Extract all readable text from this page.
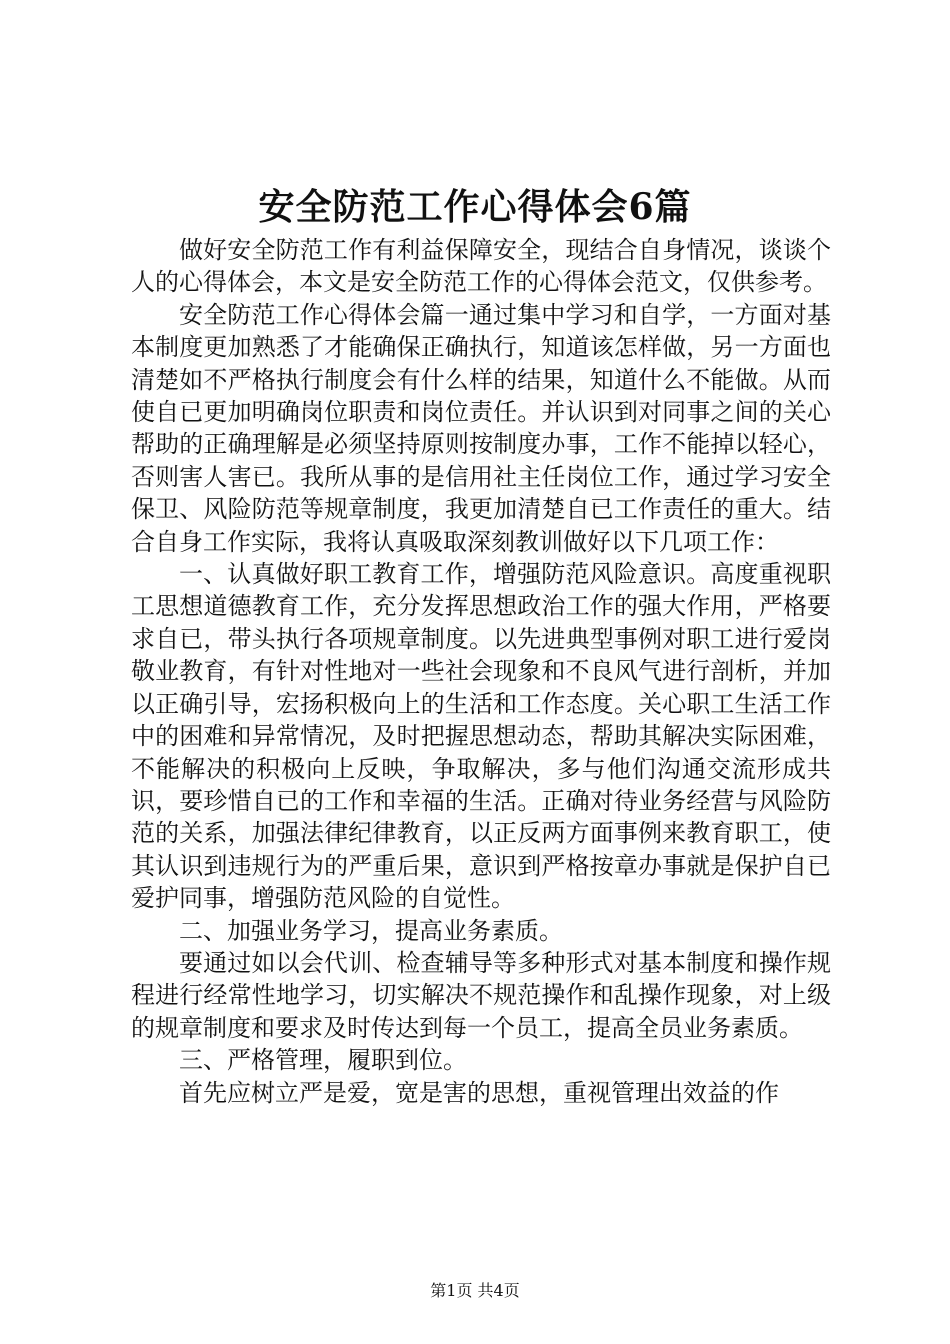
安全防范工作心得体会6篇

做好安全防范工作有利益保障安全，现结合自身情况，谈谈个人的心得体会，本文是安全防范工作的心得体会范文，仅供参考。

安全防范工作心得体会篇一通过集中学习和自学，一方面对基本制度更加熟悉了才能确保正确执行，知道该怎样做，另一方面也清楚如不严格执行制度会有什么样的结果，知道什么不能做。从而使自已更加明确岗位职责和岗位责任。并认识到对同事之间的关心帮助的正确理解是必须坚持原则按制度办事，工作不能掉以轻心，否则害人害已。我所从事的是信用社主任岗位工作，通过学习安全保卫、风险防范等规章制度，我更加清楚自已工作责任的重大。结合自身工作实际，我将认真吸取深刻教训做好以下几项工作：

一、认真做好职工教育工作，增强防范风险意识。高度重视职工思想道德教育工作，充分发挥思想政治工作的强大作用，严格要求自已，带头执行各项规章制度。以先进典型事例对职工进行爱岗敬业教育，有针对性地对一些社会现象和不良风气进行剖析，并加以正确引导，宏扬积极向上的生活和工作态度。关心职工生活工作中的困难和异常情况，及时把握思想动态，帮助其解决实际困难，不能解决的积极向上反映，争取解决，多与他们沟通交流形成共识，要珍惜自已的工作和幸福的生活。正确对待业务经营与风险防范的关系，加强法律纪律教育，以正反两方面事例来教育职工，使其认识到违规行为的严重后果，意识到严格按章办事就是保护自已爱护同事，增强防范风险的自觉性。

二、加强业务学习，提高业务素质。

要通过如以会代训、检查辅导等多种形式对基本制度和操作规程进行经常性地学习，切实解决不规范操作和乱操作现象，对上级的规章制度和要求及时传达到每一个员工，提高全员业务素质。

三、严格管理，履职到位。

首先应树立严是爱，宽是害的思想，重视管理出效益的作

第1页 共4页
